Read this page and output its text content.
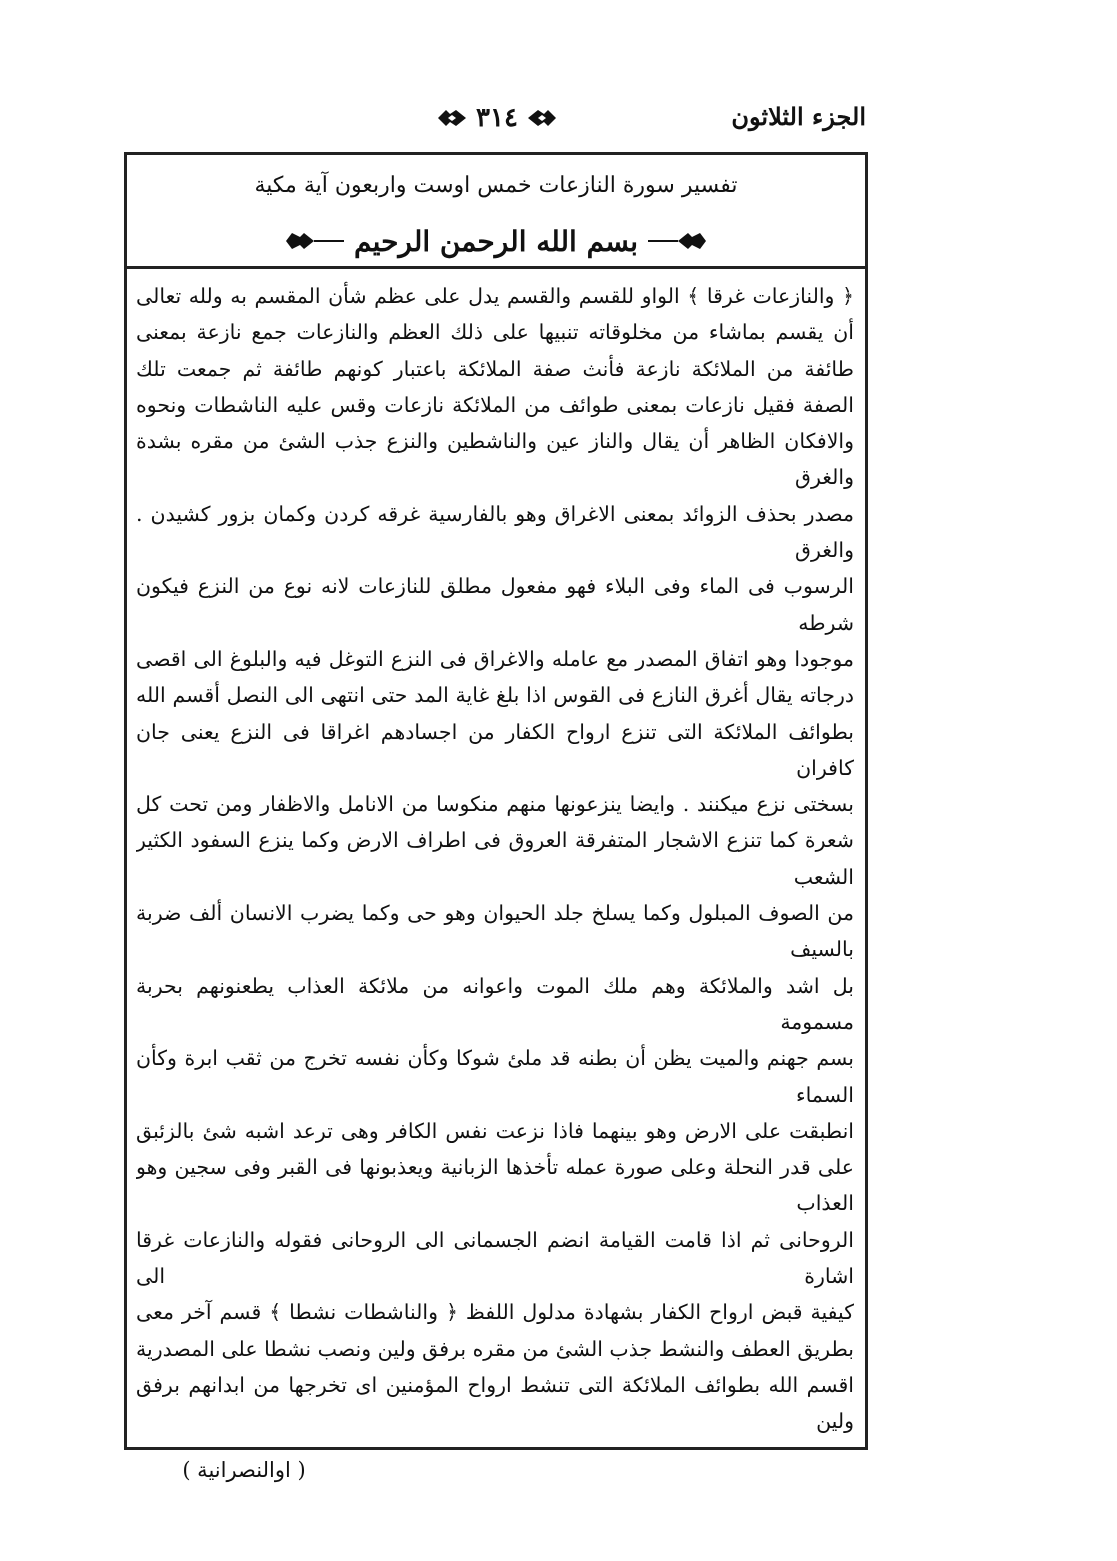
الجزء الثلاثون
٣١٤
تفسير سورة النازعات خمس اوست واربعون آية مكية
بسم الله الرحمن الرحيم

﴿ والنازعات غرقا ﴾ الواو للقسم والقسم يدل على عظم شأن المقسم به ولله تعالى

أن يقسم بماشاء من مخلوقاته تنبيها على ذلك العظم والنازعات جمع نازعة بمعنى

طائفة من الملائكة نازعة فأنث صفة الملائكة باعتبار كونهم طائفة ثم جمعت تلك

الصفة فقيل نازعات بمعنى طوائف من الملائكة نازعات وقس عليه الناشطات ونحوه

والافكان الظاهر أن يقال والناز عين والناشطين والنزع جذب الشئ من مقره بشدة والغرق

مصدر بحذف الزوائد بمعنى الاغراق وهو بالفارسية غرقه كردن وكمان بزور كشيدن . والغرق

الرسوب فى الماء وفى البلاء فهو مفعول مطلق للنازعات لانه نوع من النزع فيكون شرطه

موجودا وهو اتفاق المصدر مع عامله والاغراق فى النزع التوغل فيه والبلوغ الى اقصى

درجاته يقال أغرق النازع فى القوس اذا بلغ غاية المد حتى انتهى الى النصل أقسم الله

بطوائف الملائكة التى تنزع ارواح الكفار من اجسادهم اغراقا فى النزع يعنى جان كافران

بسختى نزع ميكنند . وايضا ينزعونها منهم منكوسا من الانامل والاظفار ومن تحت كل

شعرة كما تنزع الاشجار المتفرقة العروق فى اطراف الارض وكما ينزع السفود الكثير الشعب

من الصوف المبلول وكما يسلخ جلد الحيوان وهو حى وكما يضرب الانسان ألف ضربة بالسيف

بل اشد والملائكة وهم ملك الموت واعوانه من ملائكة العذاب يطعنونهم بحربة مسمومة

بسم جهنم والميت يظن أن بطنه قد ملئ شوكا وكأن نفسه تخرج من ثقب ابرة وكأن السماء

انطبقت على الارض وهو بينهما فاذا نزعت نفس الكافر وهى ترعد اشبه شئ بالزئبق

على قدر النحلة وعلى صورة عمله تأخذها الزبانية ويعذبونها فى القبر وفى سجين وهو العذاب

الروحانى ثم اذا قامت القيامة انضم الجسمانى الى الروحانى فقوله والنازعات غرقا اشارة الى

كيفية قبض ارواح الكفار بشهادة مدلول اللفظ ﴿ والناشطات نشطا ﴾ قسم آخر معى

بطريق العطف والنشط جذب الشئ من مقره برفق ولين ونصب نشطا على المصدرية

اقسم الله بطوائف الملائكة التى تنشط ارواح المؤمنين اى تخرجها من ابدانهم برفق ولين

( اوالنصرانية )
